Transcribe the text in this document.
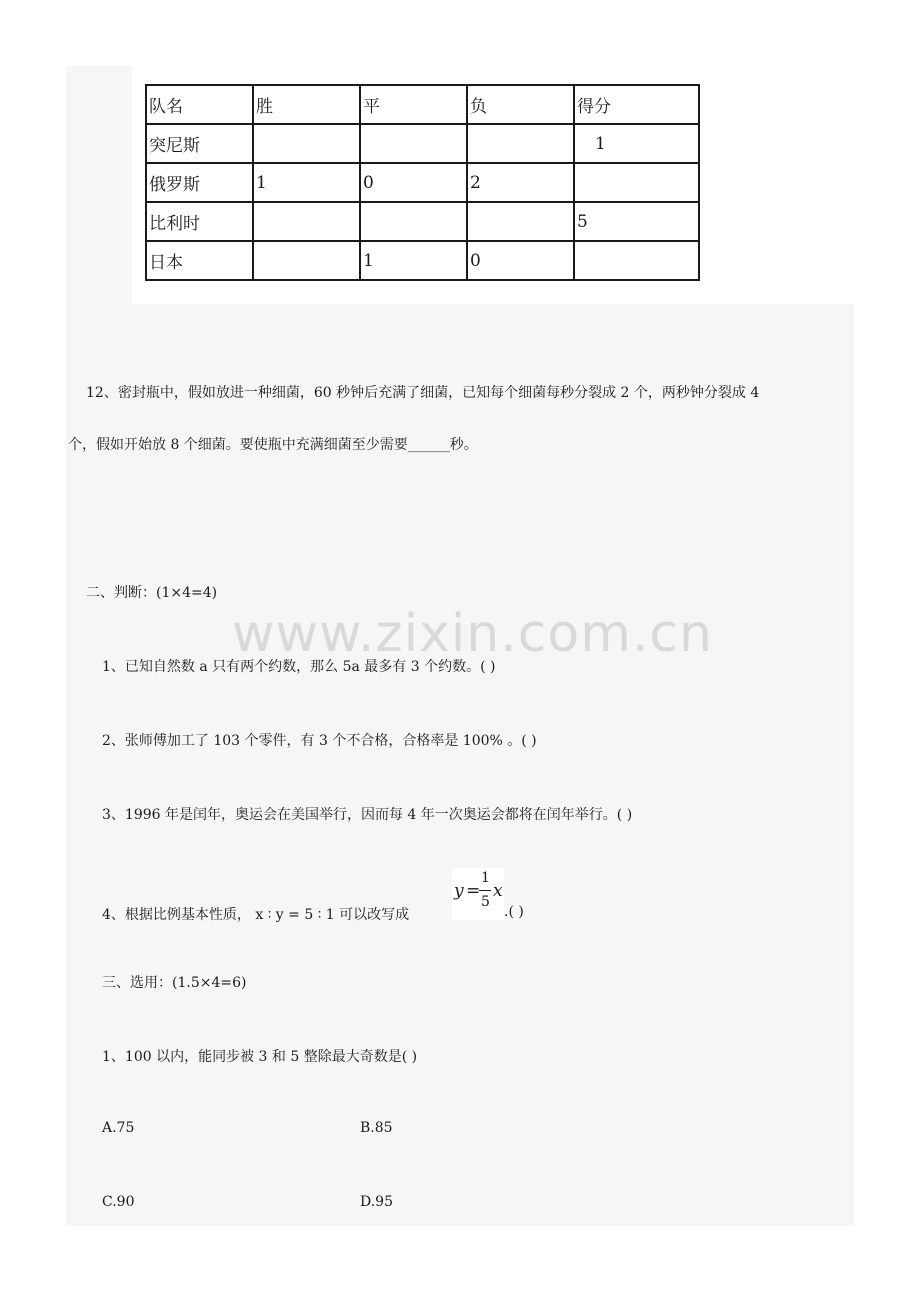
队名	胜	平	负	得分
突尼斯				1
俄罗斯	1	0	2	
比利时				5
日本		1	0	
12、密封瓶中，假如放进一种细菌，60 秒钟后充满了细菌，已知每个细菌每秒分裂成 2 个，两秒钟分裂成 4
个，假如开始放 8 个细菌。要使瓶中充满细菌至少需要______秒。
二、判断：(1×4=4)
www.zixin.com.cn
1、已知自然数 a 只有两个约数，那么 5a 最多有 3 个约数。( )
2、张师傅加工了 103 个零件，有 3 个不合格，合格率是 100% 。( )
3、1996 年是闰年，奥运会在美国举行，因而每 4 年一次奥运会都将在闰年举行。( )
4、根据比例基本性质， x ∶ y = 5 ∶ 1 可以改写成
y =
1
5
x
.( )
三、选用：(1.5×4=6)
1、100 以内，能同步被 3 和 5 整除最大奇数是( )
A.75	B.85
C.90	D.95
